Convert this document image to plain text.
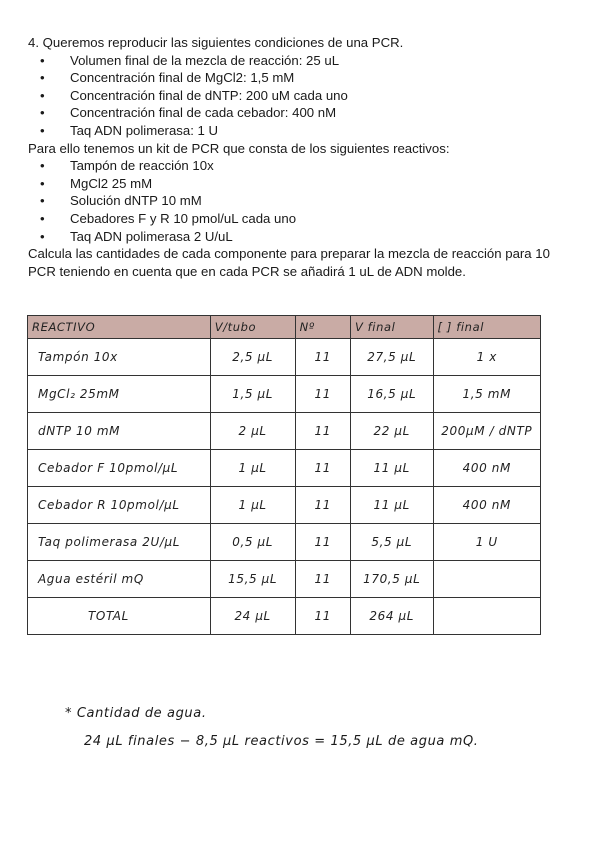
4. Queremos reproducir las siguientes condiciones de una PCR.

• Volumen final de la mezcla de reacción: 25 uL
• Concentración final de MgCl2: 1,5 mM
• Concentración final de dNTP: 200 uM cada uno
• Concentración final de cada cebador: 400 nM
• Taq ADN polimerasa: 1 U

Para ello tenemos un kit de PCR que consta de los siguientes reactivos:

• Tampón de reacción 10x
• MgCl2 25 mM
• Solución dNTP 10 mM
• Cebadores F y R 10 pmol/uL cada uno
• Taq ADN polimerasa 2 U/uL

Calcula las cantidades de cada componente para preparar la mezcla de reacción para 10 PCR teniendo en cuenta que en cada PCR se añadirá 1 uL de ADN molde.

REACTIVO	V/tubo	Nº	V final	[ ] final
Tampón 10x	2,5 µL	11	27,5 µL	1 x
MgCl₂ 25mM	1,5 µL	11	16,5 µL	1,5 mM
dNTP 10 mM	2 µL	11	22 µL	200µM / dNTP
Cebador F 10pmol/µL	1 µL	11	11 µL	400 nM
Cebador R 10pmol/µL	1 µL	11	11 µL	400 nM
Taq polimerasa 2U/µL	0,5 µL	11	5,5 µL	1 U
Agua estéril mQ	15,5 µL	11	170,5 µL	
TOTAL	24 µL	11	264 µL	
* Cantidad de agua.
24 µL finales − 8,5 µL reactivos = 15,5 µL de agua mQ.
